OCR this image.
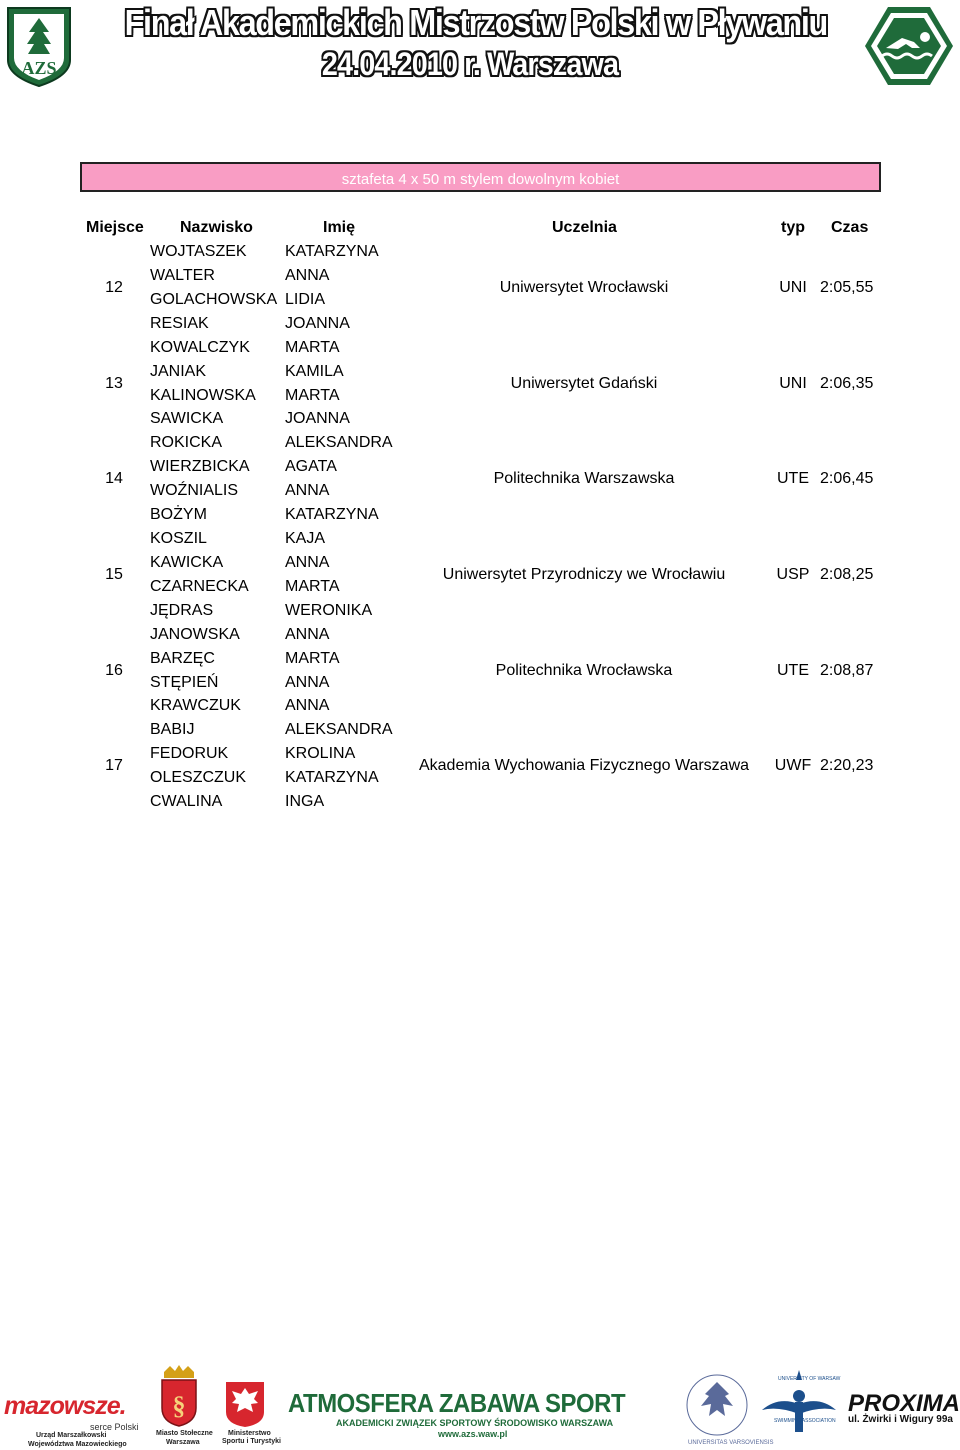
AZS
Finał Akademickich Mistrzostw Polski w Pływaniu
24.04.2010 r. Warszawa
sztafeta 4 x 50 m stylem dowolnym kobiet
Miejsce Nazwisko	Imię	Uczelnia	typ Czas
WOJTASZEK KATARZYNA
WALTER	ANNA
GOLACHOWSKA LIDIA
RESIAK	JOANNA
12	Uniwersytet Wrocławski	UNI 2:05,55
KOWALCZYK MARTA
JANIAK	KAMILA
KALINOWSKA MARTA
SAWICKA	JOANNA
13	Uniwersytet Gdański	UNI 2:06,35
ROKICKA	ALEKSANDRA
WIERZBICKA AGATA
WOŹNIALIS	ANNA
BOŻYM	KATARZYNA
14	Politechnika Warszawska	UTE 2:06,45
KOSZIL	KAJA
KAWICKA	ANNA
CZARNECKA MARTA
JĘDRAS	WERONIKA
15	Uniwersytet Przyrodniczy we Wrocławiu	USP 2:08,25
JANOWSKA	ANNA
BARZĘC	MARTA
STĘPIEŃ	ANNA
KRAWCZUK	ANNA
16	Politechnika Wrocławska	UTE 2:08,87
BABIJ	ALEKSANDRA
FEDORUK	KROLINA
OLESZCZUK KATARZYNA
CWALINA	INGA
17	Akademia Wychowania Fizycznego Warszawa	UWF 2:20,23
mazowsze.
serce Polski
Urząd Marszałkowski
Województwa Mazowieckiego
§
Miasto Stołeczne
Warszawa
Ministerstwo
Sportu i Turystyki
ATMOSFERA ZABAWA SPORT
AKADEMICKI ZWIĄZEK SPORTOWY ŚRODOWISKO WARSZAWA
www.azs.waw.pl
UNIVERSITAS VARSOVIENSIS
UNIVERSITY OF WARSAW
SWIMMING ASSOCIATION
PROXIMA
ul. Żwirki i Wigury 99a
